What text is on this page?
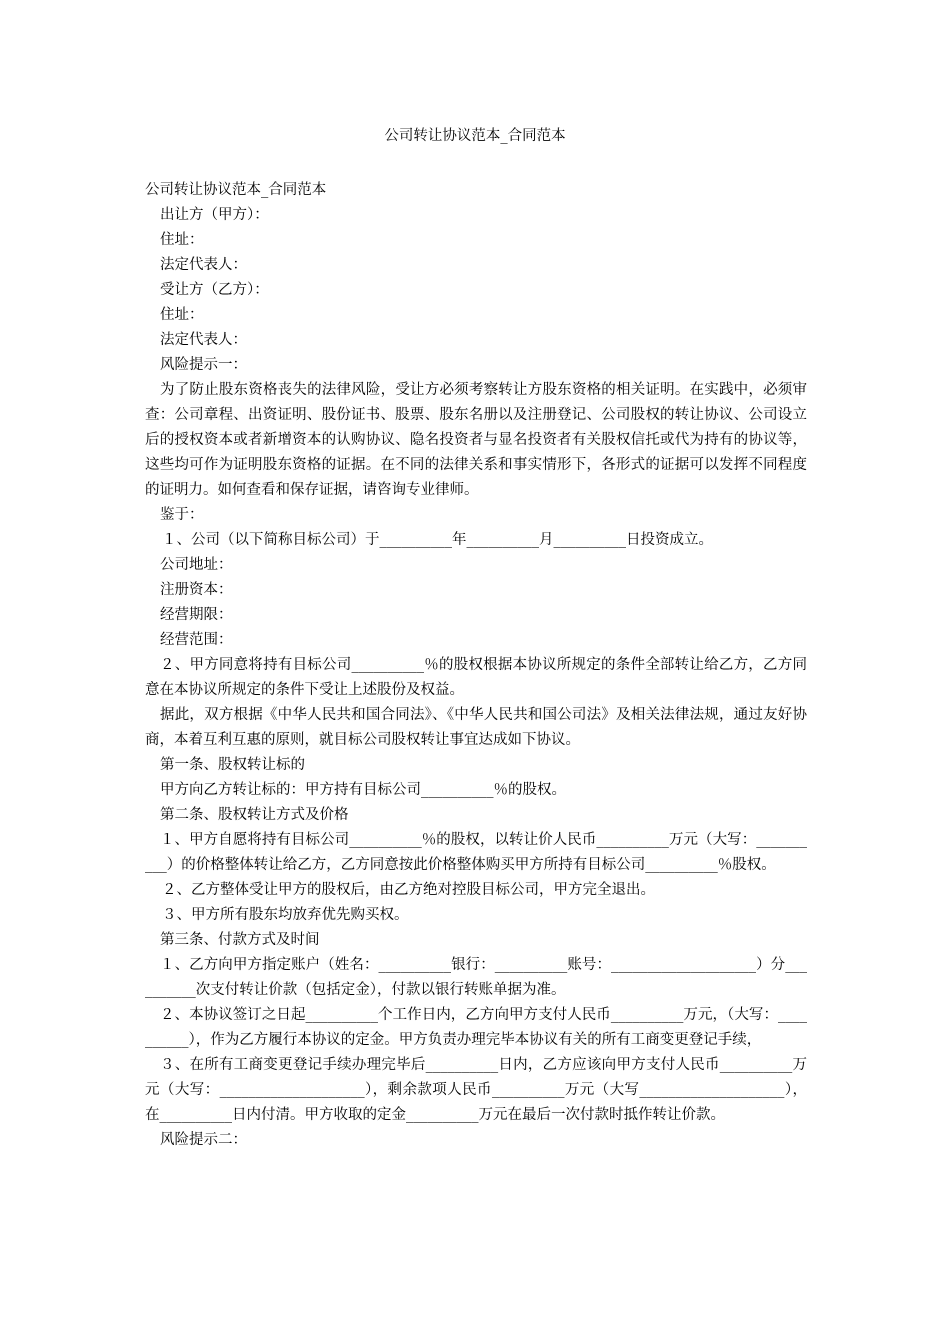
公司转让协议范本_合同范本
公司转让协议范本_合同范本
出让方（甲方）：
住址：
法定代表人：
受让方（乙方）：
住址：
法定代表人：
风险提示一：
为了防止股东资格丧失的法律风险，受让方必须考察转让方股东资格的相关证明。在实践中，必须审查：公司章程、出资证明、股份证书、股票、股东名册以及注册登记、公司股权的转让协议、公司设立后的授权资本或者新增资本的认购协议、隐名投资者与显名投资者有关股权信托或代为持有的协议等，这些均可作为证明股东资格的证据。在不同的法律关系和事实情形下，各形式的证据可以发挥不同程度的证明力。如何查看和保存证据，请咨询专业律师。
鉴于：
１、公司（以下简称目标公司）于__________年__________月__________日投资成立。
公司地址：
注册资本：
经营期限：
经营范围：
２、甲方同意将持有目标公司__________％的股权根据本协议所规定的条件全部转让给乙方，乙方同意在本协议所规定的条件下受让上述股份及权益。
据此，双方根据《中华人民共和国合同法》、《中华人民共和国公司法》及相关法律法规，通过友好协商，本着互利互惠的原则，就目标公司股权转让事宜达成如下协议。
第一条、股权转让标的
甲方向乙方转让标的：甲方持有目标公司__________％的股权。
第二条、股权转让方式及价格
１、甲方自愿将持有目标公司__________％的股权，以转让价人民币__________万元（大写：__________）的价格整体转让给乙方，乙方同意按此价格整体购买甲方所持有目标公司__________％股权。
２、乙方整体受让甲方的股权后，由乙方绝对控股目标公司，甲方完全退出。
３、甲方所有股东均放弃优先购买权。
第三条、付款方式及时间
１、乙方向甲方指定账户（姓名：__________银行：__________账号：____________________）分__________次支付转让价款（包括定金），付款以银行转账单据为准。
２、本协议签订之日起__________个工作日内，乙方向甲方支付人民币__________万元，（大写：__________），作为乙方履行本协议的定金。甲方负责办理完毕本协议有关的所有工商变更登记手续，
３、在所有工商变更登记手续办理完毕后__________日内，乙方应该向甲方支付人民币__________万元（大写：____________________），剩余款项人民币__________万元（大写____________________），在__________日内付清。甲方收取的定金__________万元在最后一次付款时抵作转让价款。
风险提示二：
